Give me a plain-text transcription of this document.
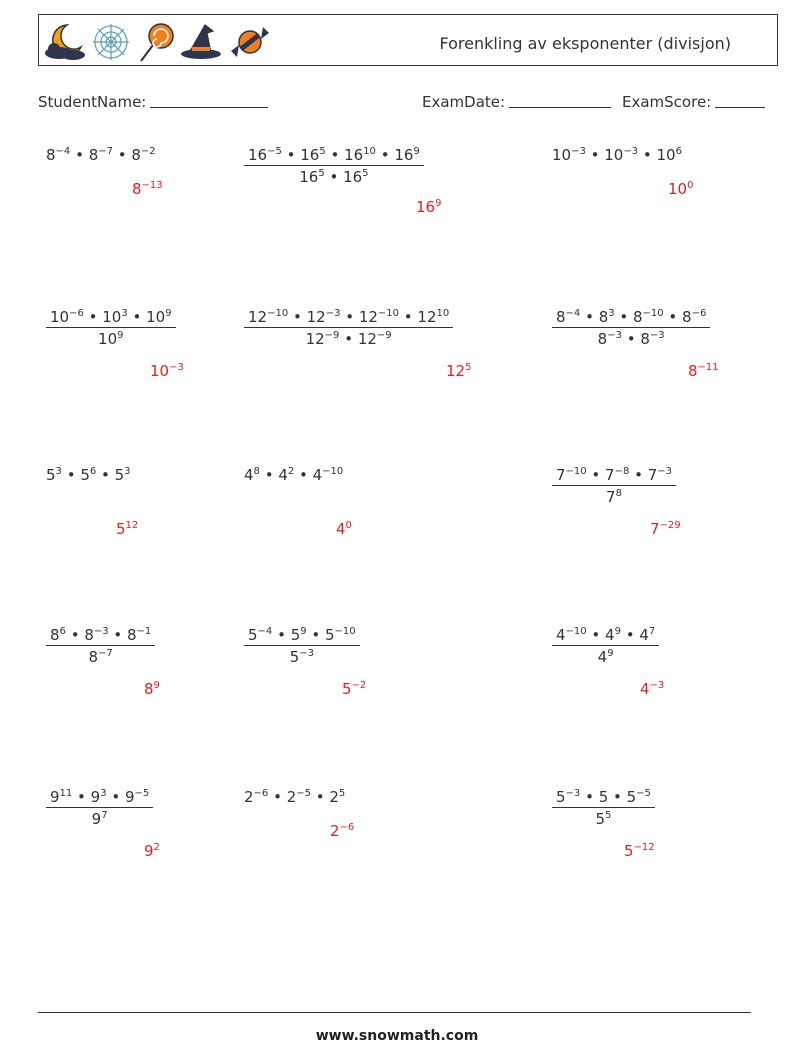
Forenkling av eksponenter (divisjon)
StudentName:	ExamDate:	ExamScore:
$8^{-4}$ • $8^{-7}$ • $8^{-2}$
$8^{-13}$	$\frac{16^{-5} • 16^5 • 16^{10} • 16^9}{16^5 • 16^5}$
$16^9$
$10^{-3}$ • $10^{-3}$ • $10^6$
$10^0$
$\frac{10^{-6} • 10^3 • 10^9}{10^9}$
$10^{-3}$
$\frac{12^{-10} • 12^{-3} • 12^{-10} • 12^{10}}{12^{-9} • 12^{-9}}$
$12^5$
$\frac{8^{-4} • 8^3 • 8^{-10} • 8^{-6}}{8^{-3} • 8^{-3}}$
$8^{-11}$
$5^3$ • $5^6$ • $5^3$
$5^{12}$
$4^8$ • $4^2$ • $4^{-10}$
$4^0$
$\frac{7^{-10} • 7^{-8} • 7^{-3}}{7^8}$
$7^{-29}$
$\frac{8^6 • 8^{-3} • 8^{-1}}{8^{-7}}$
$8^9$
$\frac{5^{-4} • 5^9 • 5^{-10}}{5^{-3}}$
$5^{-2}$
$\frac{4^{-10} • 4^9 • 4^7}{4^9}$
$4^{-3}$
$\frac{9^{11} • 9^3 • 9^{-5}}{9^7}$
$9^2$
$2^{-6}$ • $2^{-5}$ • $2^5$
$2^{-6}$	$\frac{5^{-3} • 5 • 5^{-5}}{5^5}$
$5^{-12}$
www.snowmath.com
